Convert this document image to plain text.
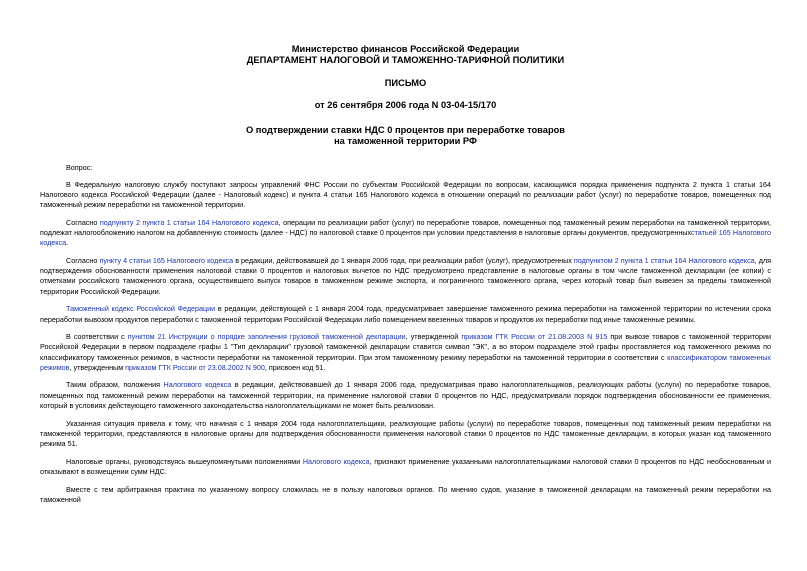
Министерство финансов Российской Федерации
ДЕПАРТАМЕНТ НАЛОГОВОЙ И ТАМОЖЕННО-ТАРИФНОЙ ПОЛИТИКИ
ПИСЬМО
от 26 сентября 2006 года N 03-04-15/170
О подтверждении ставки НДС 0 процентов при переработке товаров
на таможенной территории РФ
Вопрос:

В Федеральную налоговую службу поступают запросы управлений ФНС России по субъектам Российской Федерации по вопросам, касающимся порядка применения подпункта 2 пункта 1 статьи 164 Налогового кодекса Российской Федерации (далее - Налоговый кодекс) и пункта 4 статьи 165 Налогового кодекса в отношении операций по реализации работ (услуг) по переработке товаров, помещенных под таможенный режим переработки на таможенной территории.

Согласно подпункту 2 пункта 1 статьи 164 Налогового кодекса, операции по реализации работ (услуг) по переработке товаров, помещенных под таможенный режим переработки на таможенной территории, подлежат налогообложению налогом на добавленную стоимость (далее - НДС) по налоговой ставке 0 процентов при условии представления в налоговые органы документов, предусмотренныхстатьей 165 Налогового кодекса.

Согласно пункту 4 статьи 165 Налогового кодекса в редакции, действовавшей до 1 января 2006 года, при реализации работ (услуг), предусмотренных подпунктом 2 пункта 1 статьи 164 Налогового кодекса, для подтверждения обоснованности применения налоговой ставки 0 процентов и налоговых вычетов по НДС предусмотрено представление в налоговые органы в том числе таможенной декларации (ее копии) с отметками российского таможенного органа, осуществившего выпуск товаров в таможенном режиме экспорта, и пограничного таможенного органа, через который товар был вывезен за пределы таможенной территории Российской Федерации.

Таможенный кодекс Российской Федерации в редакции, действующей с 1 января 2004 года, предусматривает завершение таможенного режима переработки на таможенной территории по истечении срока переработки вывозом продуктов переработки с таможенной территории Российской Федерации либо помещением ввезенных товаров и продуктов их переработки под иные таможенные режимы.

В соответствии с пунктом 21 Инструкции о порядке заполнения грузовой таможенной декларации, утвержденной приказом ГТК России от 21.08.2003 N 915 при вывозе товаров с таможенной территории Российской Федерации в первом подразделе графы 1 "Тип декларации" грузовой таможенной декларации ставится символ "ЭК", а во втором подразделе этой графы проставляется код таможенного режима по классификатору таможенных режимов, в частности переработки на таможенной территории. При этом таможенному режиму переработки на таможенной территории в соответствии с классификатором таможенных режимов, утвержденным приказом ГТК России от 23.08.2002 N 900, присвоен код 51.

Таким образом, положения Налогового кодекса в редакции, действовавшей до 1 января 2006 года, предусматривая право налогоплательщиков, реализующих работы (услуги) по переработке товаров, помещенных под таможенный режим переработки на таможенной территории, на применение налоговой ставки 0 процентов по НДС, предусматривали порядок подтверждения обоснованности ее применения, который в условиях действующего таможенного законодательства налогоплательщиками не может быть реализован.

Указанная ситуация привела к тому, что начиная с 1 января 2004 года налогоплательщики, реализующие работы (услуги) по переработке товаров, помещенных под таможенный режим переработки на таможенной территории, представляются в налоговые органы для подтверждения обоснованности применения налоговой ставки 0 процентов по НДС таможенные декларации, в которых указан код таможенного режима 51.

Налоговые органы, руководствуясь вышеупомянутыми положениями Налогового кодекса, признают применение указанными налогоплательщиками налоговой ставки 0 процентов по НДС необоснованным и отказывают в возмещении сумм НДС.

Вместе с тем арбитражная практика по указанному вопросу сложилась не в пользу налоговых органов. По мнению судов, указание в таможенной декларации на таможенный режим переработки на таможенной
